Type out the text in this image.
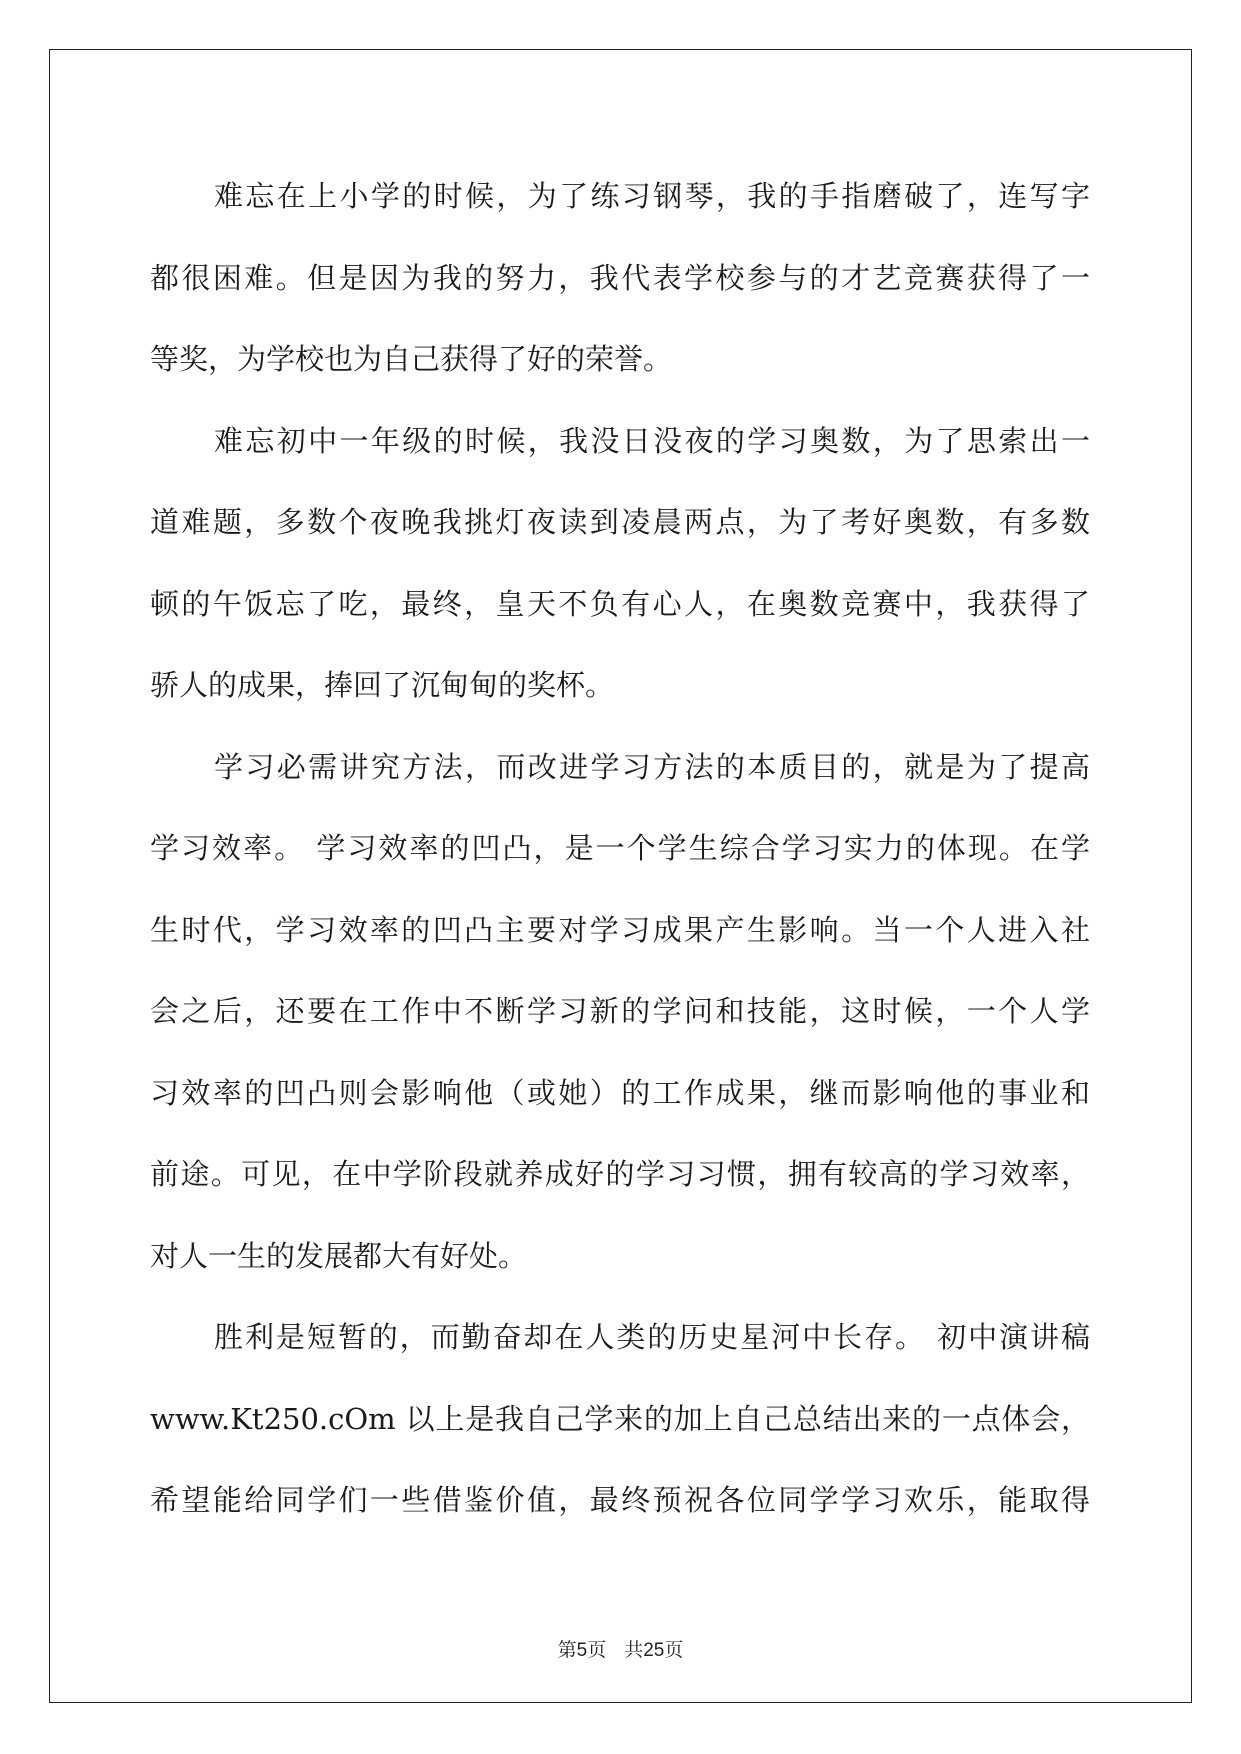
难忘在上小学的时候，为了练习钢琴，我的手指磨破了，连写字
都很困难。但是因为我的努力，我代表学校参与的才艺竞赛获得了一
等奖，为学校也为自己获得了好的荣誉。
难忘初中一年级的时候，我没日没夜的学习奥数，为了思索出一
道难题，多数个夜晚我挑灯夜读到凌晨两点，为了考好奥数，有多数
顿的午饭忘了吃，最终，皇天不负有心人，在奥数竞赛中，我获得了
骄人的成果，捧回了沉甸甸的奖杯。
学习必需讲究方法，而改进学习方法的本质目的，就是为了提高
学习效率。 学习效率的凹凸，是一个学生综合学习实力的体现。在学
生时代，学习效率的凹凸主要对学习成果产生影响。当一个人进入社
会之后，还要在工作中不断学习新的学问和技能，这时候，一个人学
习效率的凹凸则会影响他（或她）的工作成果，继而影响他的事业和
前途。可见，在中学阶段就养成好的学习习惯，拥有较高的学习效率，
对人一生的发展都大有好处。
胜利是短暂的，而勤奋却在人类的历史星河中长存。 初中演讲稿
www.Kt250.cOm 以上是我自己学来的加上自己总结出来的一点体会，
希望能给同学们一些借鉴价值，最终预祝各位同学学习欢乐，能取得
第5页 共25页
